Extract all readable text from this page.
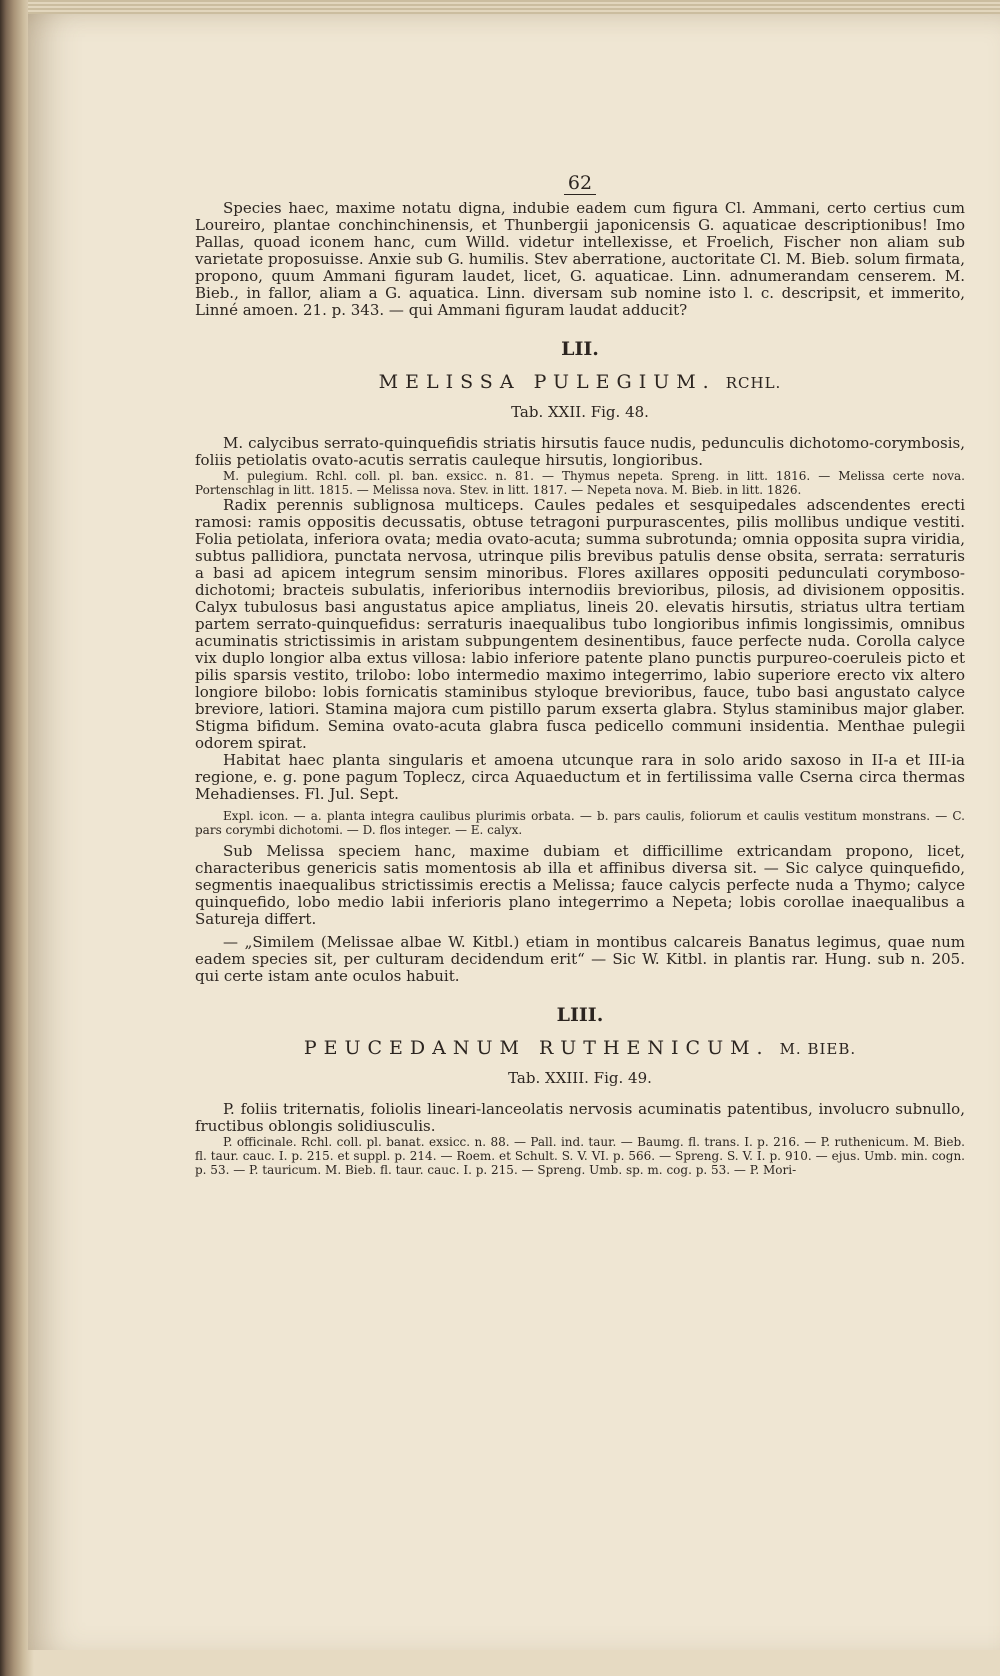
62

Species haec, maxime notatu digna, indubie eadem cum figura Cl. Ammani, certo certius cum Loureiro, plantae conchinchinensis, et Thunbergii japonicensis G. aquaticae descriptionibus! Imo Pallas, quoad iconem hanc, cum Willd. videtur intellexisse, et Froelich, Fischer non aliam sub varietate proposuisse. Anxie sub G. humilis. Stev aberratione, auctoritate Cl. M. Bieb. solum firmata, propono, quum Ammani figuram laudet, licet, G. aquaticae. Linn. adnumerandam censerem. M. Bieb., in fallor, aliam a G. aquatica. Linn. diversam sub nomine isto l. c. descripsit, et immerito, Linné amoen. 21. p. 343. — qui Ammani figuram laudat adducit?

LII.
MELISSA PULEGIUM. RCHL.
Tab. XXII. Fig. 48.

M. calycibus serrato-quinquefidis striatis hirsutis fauce nudis, pedunculis dichotomo-corymbosis, foliis petiolatis ovato-acutis serratis cauleque hirsutis, longioribus.

M. pulegium. Rchl. coll. pl. ban. exsicc. n. 81. — Thymus nepeta. Spreng. in litt. 1816. — Melissa certe nova. Portenschlag in litt. 1815. — Melissa nova. Stev. in litt. 1817. — Nepeta nova. M. Bieb. in litt. 1826.

Radix perennis sublignosa multiceps. Caules pedales et sesquipedales adscendentes erecti ramosi: ramis oppositis decussatis, obtuse tetragoni purpurascentes, pilis mollibus undique vestiti. Folia petiolata, inferiora ovata; media ovato-acuta; summa subrotunda; omnia opposita supra viridia, subtus pallidiora, punctata nervosa, utrinque pilis brevibus patulis dense obsita, serrata: serraturis a basi ad apicem integrum sensim minoribus. Flores axillares oppositi pedunculati corymboso-dichotomi; bracteis subulatis, inferioribus internodiis brevioribus, pilosis, ad divisionem oppositis. Calyx tubulosus basi angustatus apice ampliatus, lineis 20. elevatis hirsutis, striatus ultra tertiam partem serrato-quinquefidus: serraturis inaequalibus tubo longioribus infimis longissimis, omnibus acuminatis strictissimis in aristam subpungentem desinentibus, fauce perfecte nuda. Corolla calyce vix duplo longior alba extus villosa: labio inferiore patente plano punctis purpureo-coeruleis picto et pilis sparsis vestito, trilobo: lobo intermedio maximo integerrimo, labio superiore erecto vix altero longiore bilobo: lobis fornicatis staminibus styloque brevioribus, fauce, tubo basi angustato calyce breviore, latiori. Stamina majora cum pistillo parum exserta glabra. Stylus staminibus major glaber. Stigma bifidum. Semina ovato-acuta glabra fusca pedicello communi insidentia. Menthae pulegii odorem spirat.

Habitat haec planta singularis et amoena utcunque rara in solo arido saxoso in II-a et III-ia regione, e. g. pone pagum Toplecz, circa Aquaeductum et in fertilissima valle Cserna circa thermas Mehadienses. Fl. Jul. Sept.

Expl. icon. — a. planta integra caulibus plurimis orbata. — b. pars caulis, foliorum et caulis vestitum monstrans. — C. pars corymbi dichotomi. — D. flos integer. — E. calyx.

Sub Melissa speciem hanc, maxime dubiam et difficillime extricandam propono, licet, characteribus genericis satis momentosis ab illa et affinibus diversa sit. — Sic calyce quinquefido, segmentis inaequalibus strictissimis erectis a Melissa; fauce calycis perfecte nuda a Thymo; calyce quinquefido, lobo medio labii inferioris plano integerrimo a Nepeta; lobis corollae inaequalibus a Satureja differt.

— „Similem (Melissae albae W. Kitbl.) etiam in montibus calcareis Banatus legimus, quae num eadem species sit, per culturam decidendum erit“ — Sic W. Kitbl. in plantis rar. Hung. sub n. 205. qui certe istam ante oculos habuit.

LIII.
PEUCEDANUM RUTHENICUM. M. BIEB.
Tab. XXIII. Fig. 49.

P. foliis triternatis, foliolis lineari-lanceolatis nervosis acuminatis patentibus, involucro subnullo, fructibus oblongis solidiusculis.

P. officinale. Rchl. coll. pl. banat. exsicc. n. 88. — Pall. ind. taur. — Baumg. fl. trans. I. p. 216. — P. ruthenicum. M. Bieb. fl. taur. cauc. I. p. 215. et suppl. p. 214. — Roem. et Schult. S. V. VI. p. 566. — Spreng. S. V. I. p. 910. — ejus. Umb. min. cogn. p. 53. — P. tauricum. M. Bieb. fl. taur. cauc. I. p. 215. — Spreng. Umb. sp. m. cog. p. 53. — P. Mori-
